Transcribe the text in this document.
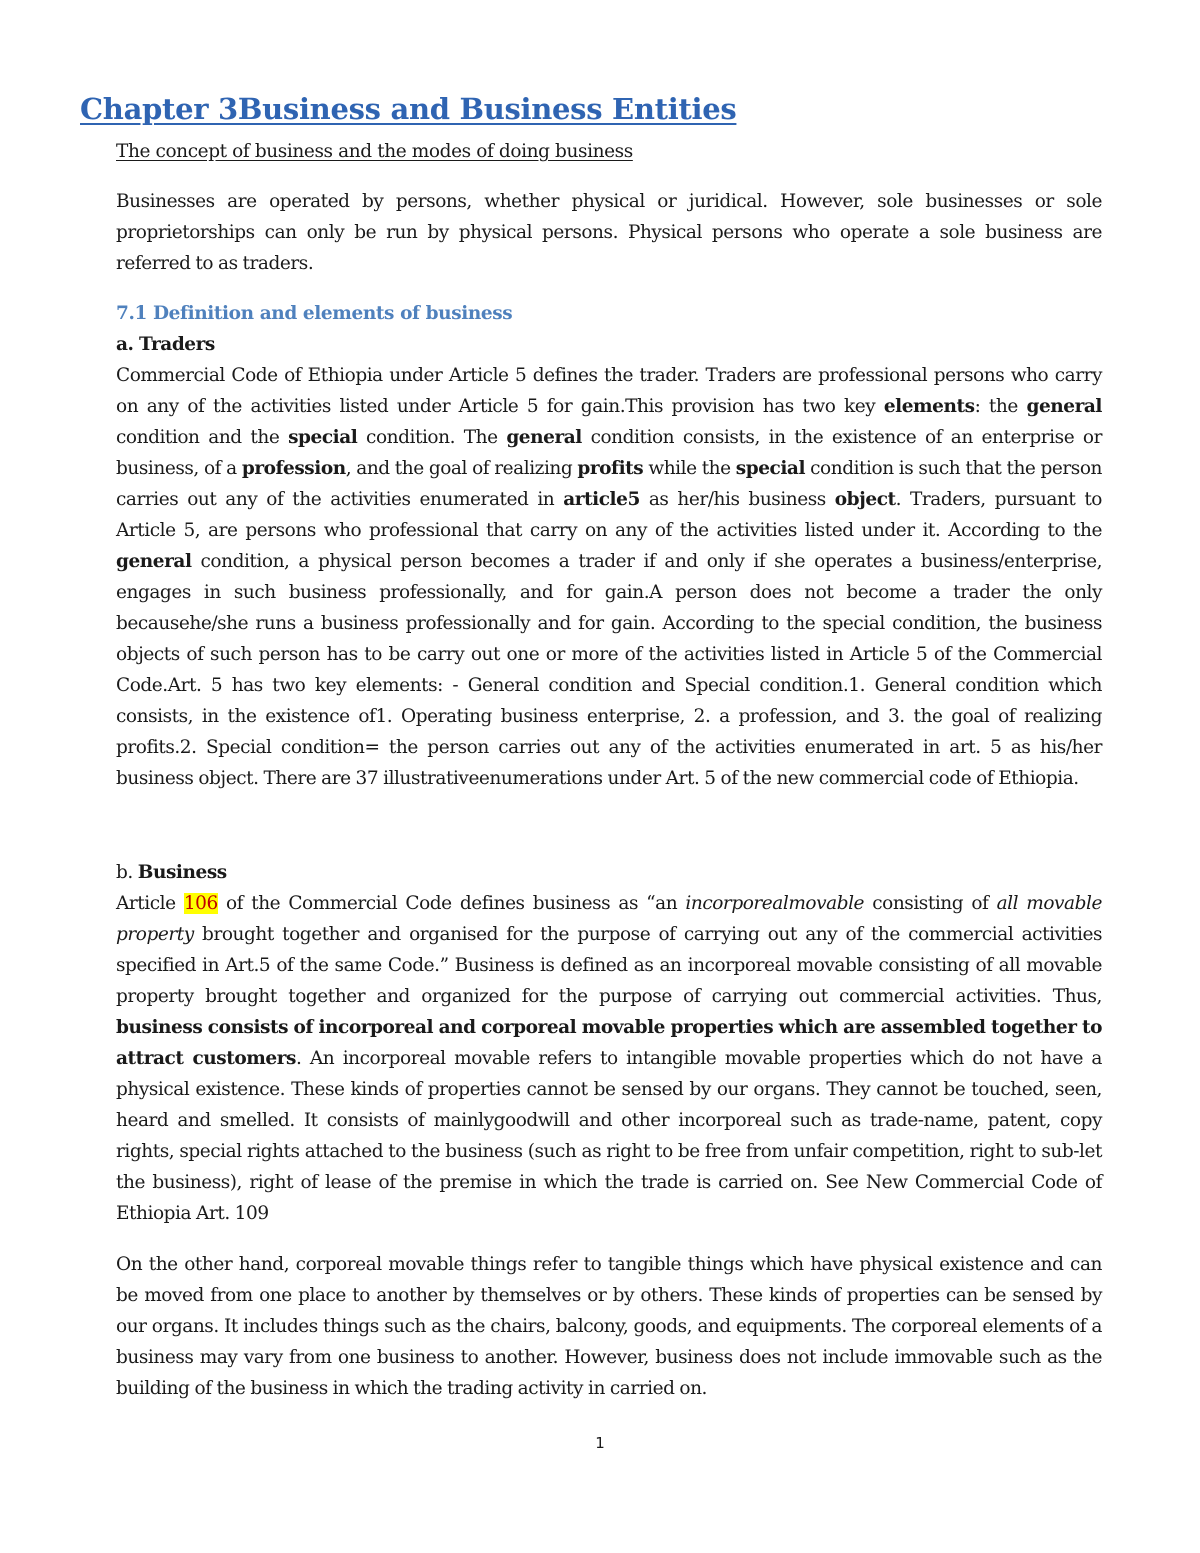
Chapter 3Business and Business Entities

The concept of business and the modes of doing business

Businesses are operated by persons, whether physical or juridical. However, sole businesses or sole proprietorships can only be run by physical persons. Physical persons who operate a sole business are referred to as traders.

7.1 Definition and elements of business

a. Traders

Commercial Code of Ethiopia under Article 5 defines the trader. Traders are professional persons who carry on any of the activities listed under Article 5 for gain.This provision has two key elements: the general condition and the special condition. The general condition consists, in the existence of an enterprise or business, of a profession, and the goal of realizing profits while the special condition is such that the person carries out any of the activities enumerated in article5 as her/his business object. Traders, pursuant to Article 5, are persons who professional that carry on any of the activities listed under it. According to the general condition, a physical person becomes a trader if and only if she operates a business/enterprise, engages in such business professionally, and for gain.A person does not become a trader the only becausehe/she runs a business professionally and for gain. According to the special condition, the business objects of such person has to be carry out one or more of the activities listed in Article 5 of the Commercial Code.Art. 5 has two key elements: - General condition and Special condition.1. General condition which consists, in the existence of1. Operating business enterprise, 2. a profession, and 3. the goal of realizing profits.2. Special condition= the person carries out any of the activities enumerated in art. 5 as his/her business object. There are 37 illustrativeenumerations under Art. 5 of the new commercial code of Ethiopia.

b. Business

Article 106 of the Commercial Code defines business as “an incorporealmovable consisting of all movable property brought together and organised for the purpose of carrying out any of the commercial activities specified in Art.5 of the same Code.” Business is defined as an incorporeal movable consisting of all movable property brought together and organized for the purpose of carrying out commercial activities. Thus, business consists of incorporeal and corporeal movable properties which are assembled together to attract customers. An incorporeal movable refers to intangible movable properties which do not have a physical existence. These kinds of properties cannot be sensed by our organs. They cannot be touched, seen, heard and smelled. It consists of mainlygoodwill and other incorporeal such as trade-name, patent, copy rights, special rights attached to the business (such as right to be free from unfair competition, right to sub-let the business), right of lease of the premise in which the trade is carried on. See New Commercial Code of Ethiopia Art. 109

On the other hand, corporeal movable things refer to tangible things which have physical existence and can be moved from one place to another by themselves or by others. These kinds of properties can be sensed by our organs. It includes things such as the chairs, balcony, goods, and equipments. The corporeal elements of a business may vary from one business to another. However, business does not include immovable such as the building of the business in which the trading activity in carried on.

1
